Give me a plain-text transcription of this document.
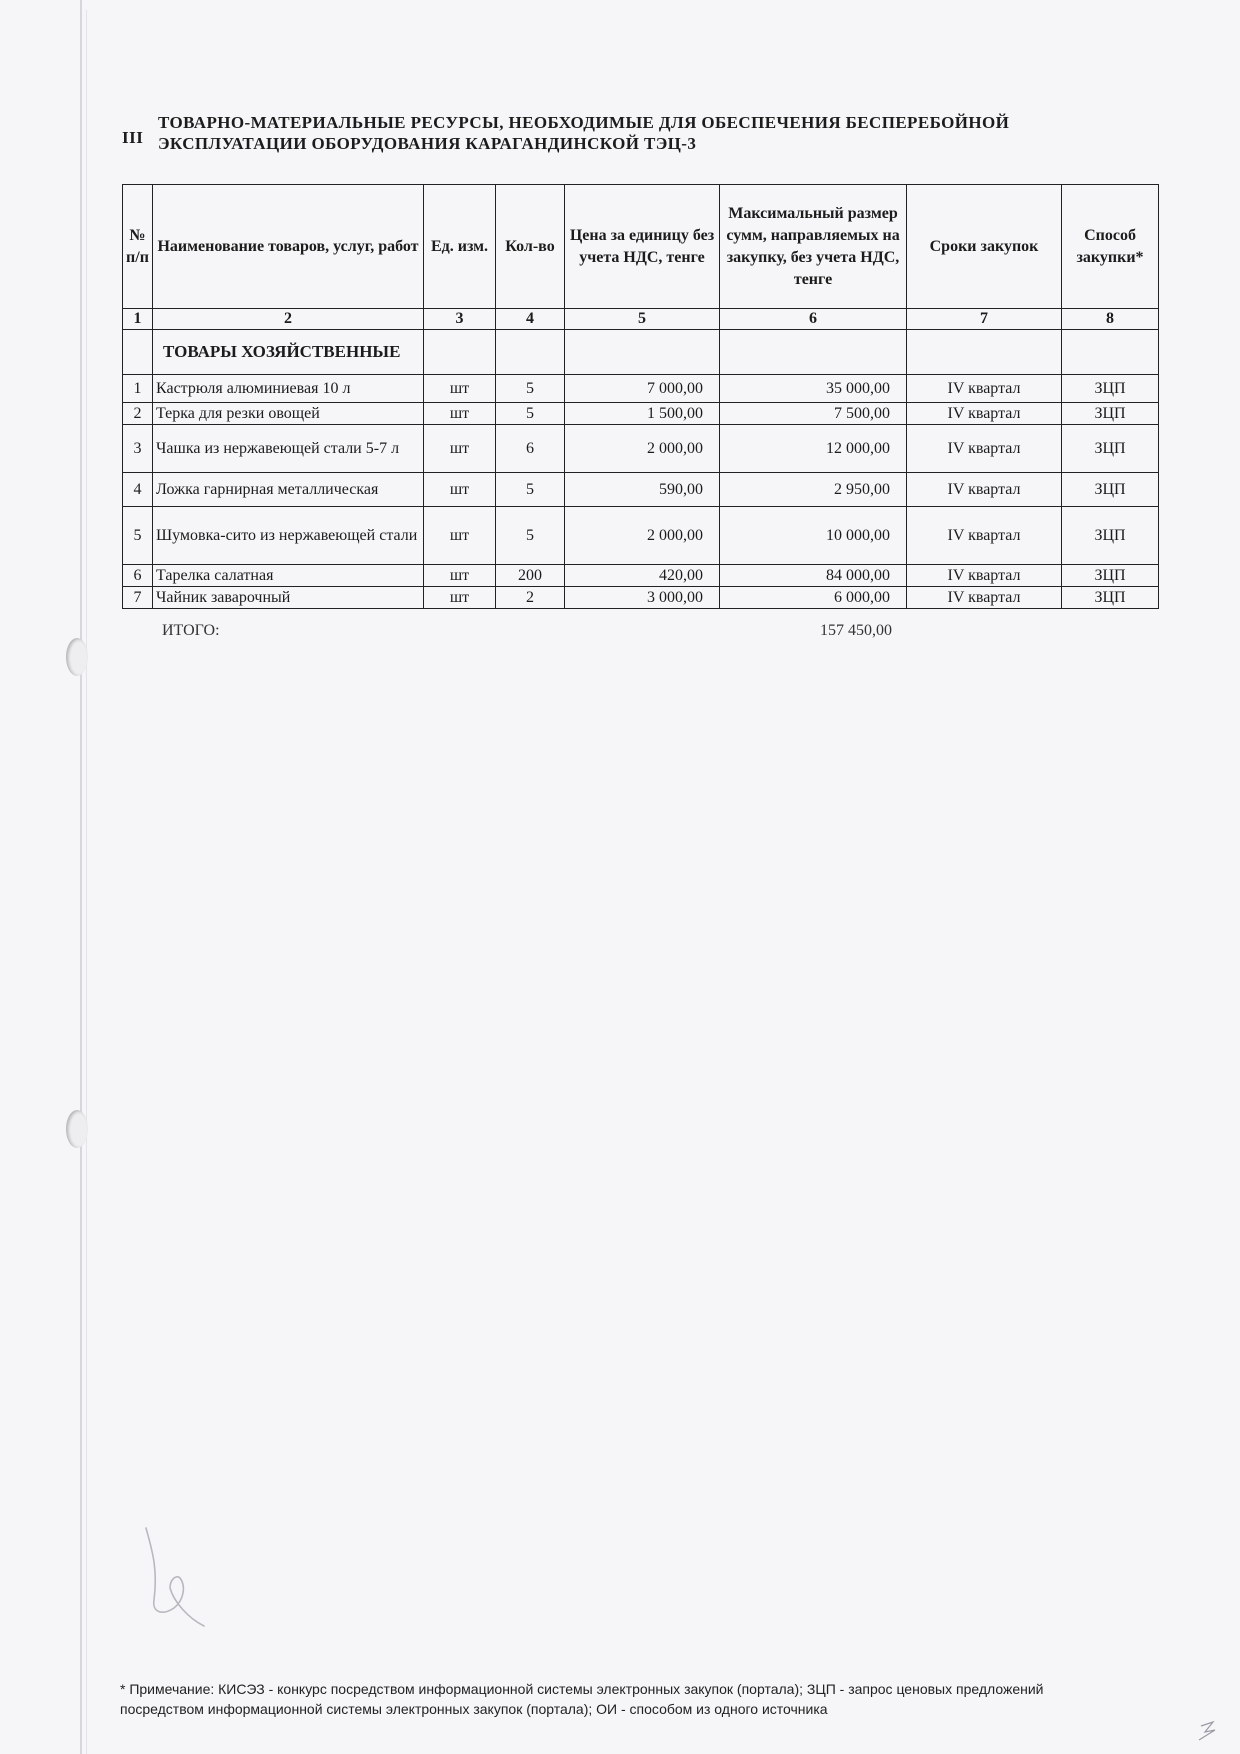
III
ТОВАРНО-МАТЕРИАЛЬНЫЕ РЕСУРСЫ, НЕОБХОДИМЫЕ ДЛЯ ОБЕСПЕЧЕНИЯ БЕСПЕРЕБОЙНОЙ ЭКСПЛУАТАЦИИ ОБОРУДОВАНИЯ КАРАГАНДИНСКОЙ ТЭЦ-3
№ п/п	Наименование товаров, услуг, работ	Ед. изм.	Кол-во	Цена за единицу без учета НДС, тенге	Максимальный размер сумм, направляемых на закупку, без учета НДС, тенге	Сроки закупок	Способ закупки*
1	2	3	4	5	6	7	8
	ТОВАРЫ ХОЗЯЙСТВЕННЫЕ						
1	Кастрюля алюминиевая 10 л	шт	5	7 000,00	35 000,00	IV квартал	ЗЦП
2	Терка для резки овощей	шт	5	1 500,00	7 500,00	IV квартал	ЗЦП
3	Чашка из нержавеющей стали 5-7 л	шт	6	2 000,00	12 000,00	IV квартал	ЗЦП
4	Ложка гарнирная металлическая	шт	5	590,00	2 950,00	IV квартал	ЗЦП
5	Шумовка-сито из нержавеющей стали	шт	5	2 000,00	10 000,00	IV квартал	ЗЦП
6	Тарелка салатная	шт	200	420,00	84 000,00	IV квартал	ЗЦП
7	Чайник заварочный	шт	2	3 000,00	6 000,00	IV квартал	ЗЦП
ИТОГО:	157 450,00
* Примечание: КИСЭЗ - конкурс посредством информационной системы электронных закупок (портала); ЗЦП - запрос ценовых предложений посредством информационной системы электронных закупок (портала); ОИ - способом из одного источника
